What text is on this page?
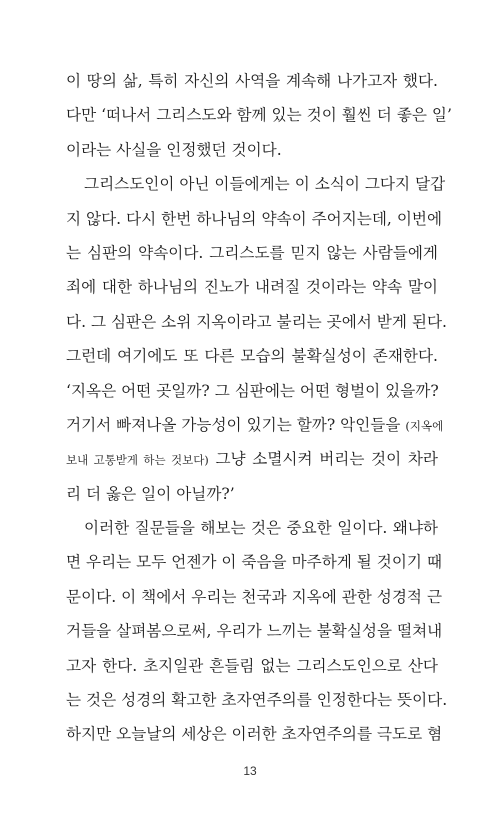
이 땅의 삶, 특히 자신의 사역을 계속해 나가고자 했다.
다만 ‘떠나서 그리스도와 함께 있는 것이 훨씬 더 좋은 일’
이라는 사실을 인정했던 것이다.
그리스도인이 아닌 이들에게는 이 소식이 그다지 달갑
지 않다. 다시 한번 하나님의 약속이 주어지는데, 이번에
는 심판의 약속이다. 그리스도를 믿지 않는 사람들에게
죄에 대한 하나님의 진노가 내려질 것이라는 약속 말이
다. 그 심판은 소위 지옥이라고 불리는 곳에서 받게 된다.
그런데 여기에도 또 다른 모습의 불확실성이 존재한다.
‘지옥은 어떤 곳일까? 그 심판에는 어떤 형벌이 있을까?
거기서 빠져나올 가능성이 있기는 할까? 악인들을 (지옥에
보내 고통받게 하는 것보다) 그냥 소멸시켜 버리는 것이 차라
리 더 옳은 일이 아닐까?’
이러한 질문들을 해보는 것은 중요한 일이다. 왜냐하
면 우리는 모두 언젠가 이 죽음을 마주하게 될 것이기 때
문이다. 이 책에서 우리는 천국과 지옥에 관한 성경적 근
거들을 살펴봄으로써, 우리가 느끼는 불확실성을 떨쳐내
고자 한다. 초지일관 흔들림 없는 그리스도인으로 산다
는 것은 성경의 확고한 초자연주의를 인정한다는 뜻이다.
하지만 오늘날의 세상은 이러한 초자연주의를 극도로 혐
13
